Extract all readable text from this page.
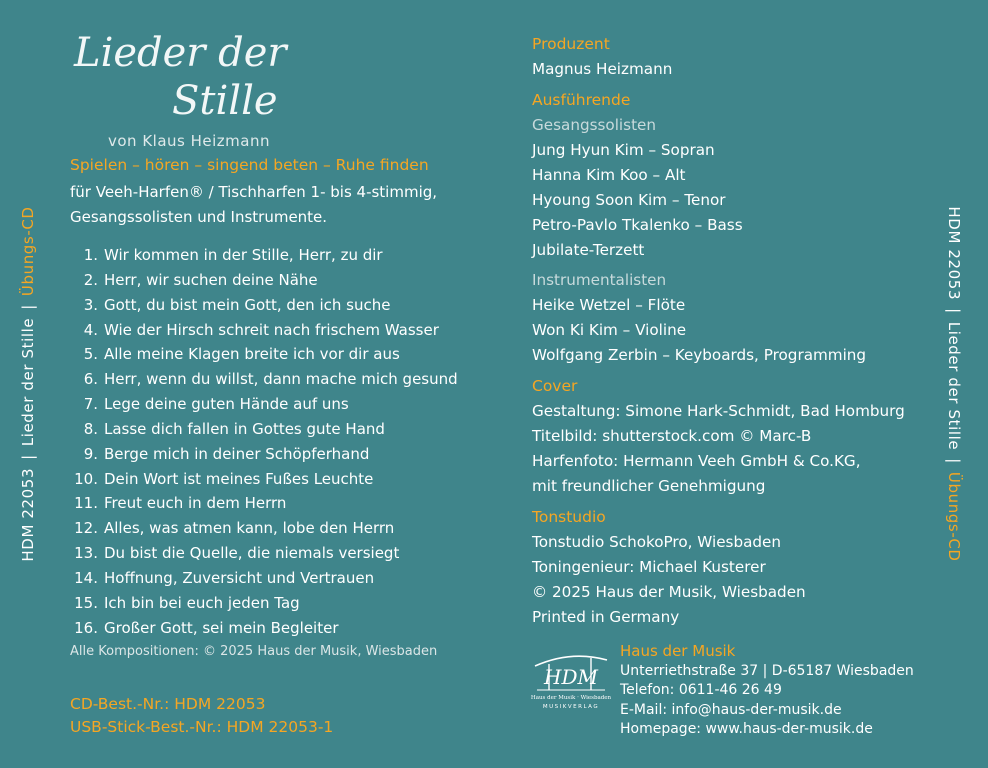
HDM 22053|Lieder der Stille|Übungs-CD	HDM 22053|Lieder der Stille|Übungs-CD
Lieder der
Stille
von Klaus Heizmann
Spielen – hören – singend beten – Ruhe finden
für Veeh-Harfen® / Tischharfen 1- bis 4-stimmig,
Gesangssolisten und Instrumente.
1. Wir kommen in der Stille, Herr, zu dir
2. Herr, wir suchen deine Nähe
3. Gott, du bist mein Gott, den ich suche
4. Wie der Hirsch schreit nach frischem Wasser
5. Alle meine Klagen breite ich vor dir aus
6. Herr, wenn du willst, dann mache mich gesund
7. Lege deine guten Hände auf uns
8. Lasse dich fallen in Gottes gute Hand
9. Berge mich in deiner Schöpferhand
10. Dein Wort ist meines Fußes Leuchte
11. Freut euch in dem Herrn
12. Alles, was atmen kann, lobe den Herrn
13. Du bist die Quelle, die niemals versiegt
14. Hoffnung, Zuversicht und Vertrauen
15. Ich bin bei euch jeden Tag
16. Großer Gott, sei mein Begleiter
Alle Kompositionen: © 2025 Haus der Musik, Wiesbaden
CD-Best.-Nr.: HDM 22053
USB-Stick-Best.-Nr.: HDM 22053-1
Produzent
Magnus Heizmann
Ausführende
Gesangssolisten
Jung Hyun Kim – Sopran
Hanna Kim Koo – Alt
Hyoung Soon Kim – Tenor
Petro-Pavlo Tkalenko – Bass
Jubilate-Terzett
Instrumentalisten
Heike Wetzel – Flöte
Won Ki Kim – Violine
Wolfgang Zerbin – Keyboards, Programming
Cover
Gestaltung: Simone Hark-Schmidt, Bad Homburg
Titelbild: shutterstock.com © Marc-B
Harfenfoto: Hermann Veeh GmbH & Co.KG,
mit freundlicher Genehmigung
Tonstudio
Tonstudio SchokoPro, Wiesbaden
Toningenieur: Michael Kusterer
© 2025 Haus der Musik, Wiesbaden
Printed in Germany
HDM
Haus der Musik · Wiesbaden
MUSIKVERLAG
Haus der Musik
Unterriethstraße 37 | D-65187 Wiesbaden
Telefon: 0611-46 26 49
E-Mail: info@haus-der-musik.de
Homepage: www.haus-der-musik.de
